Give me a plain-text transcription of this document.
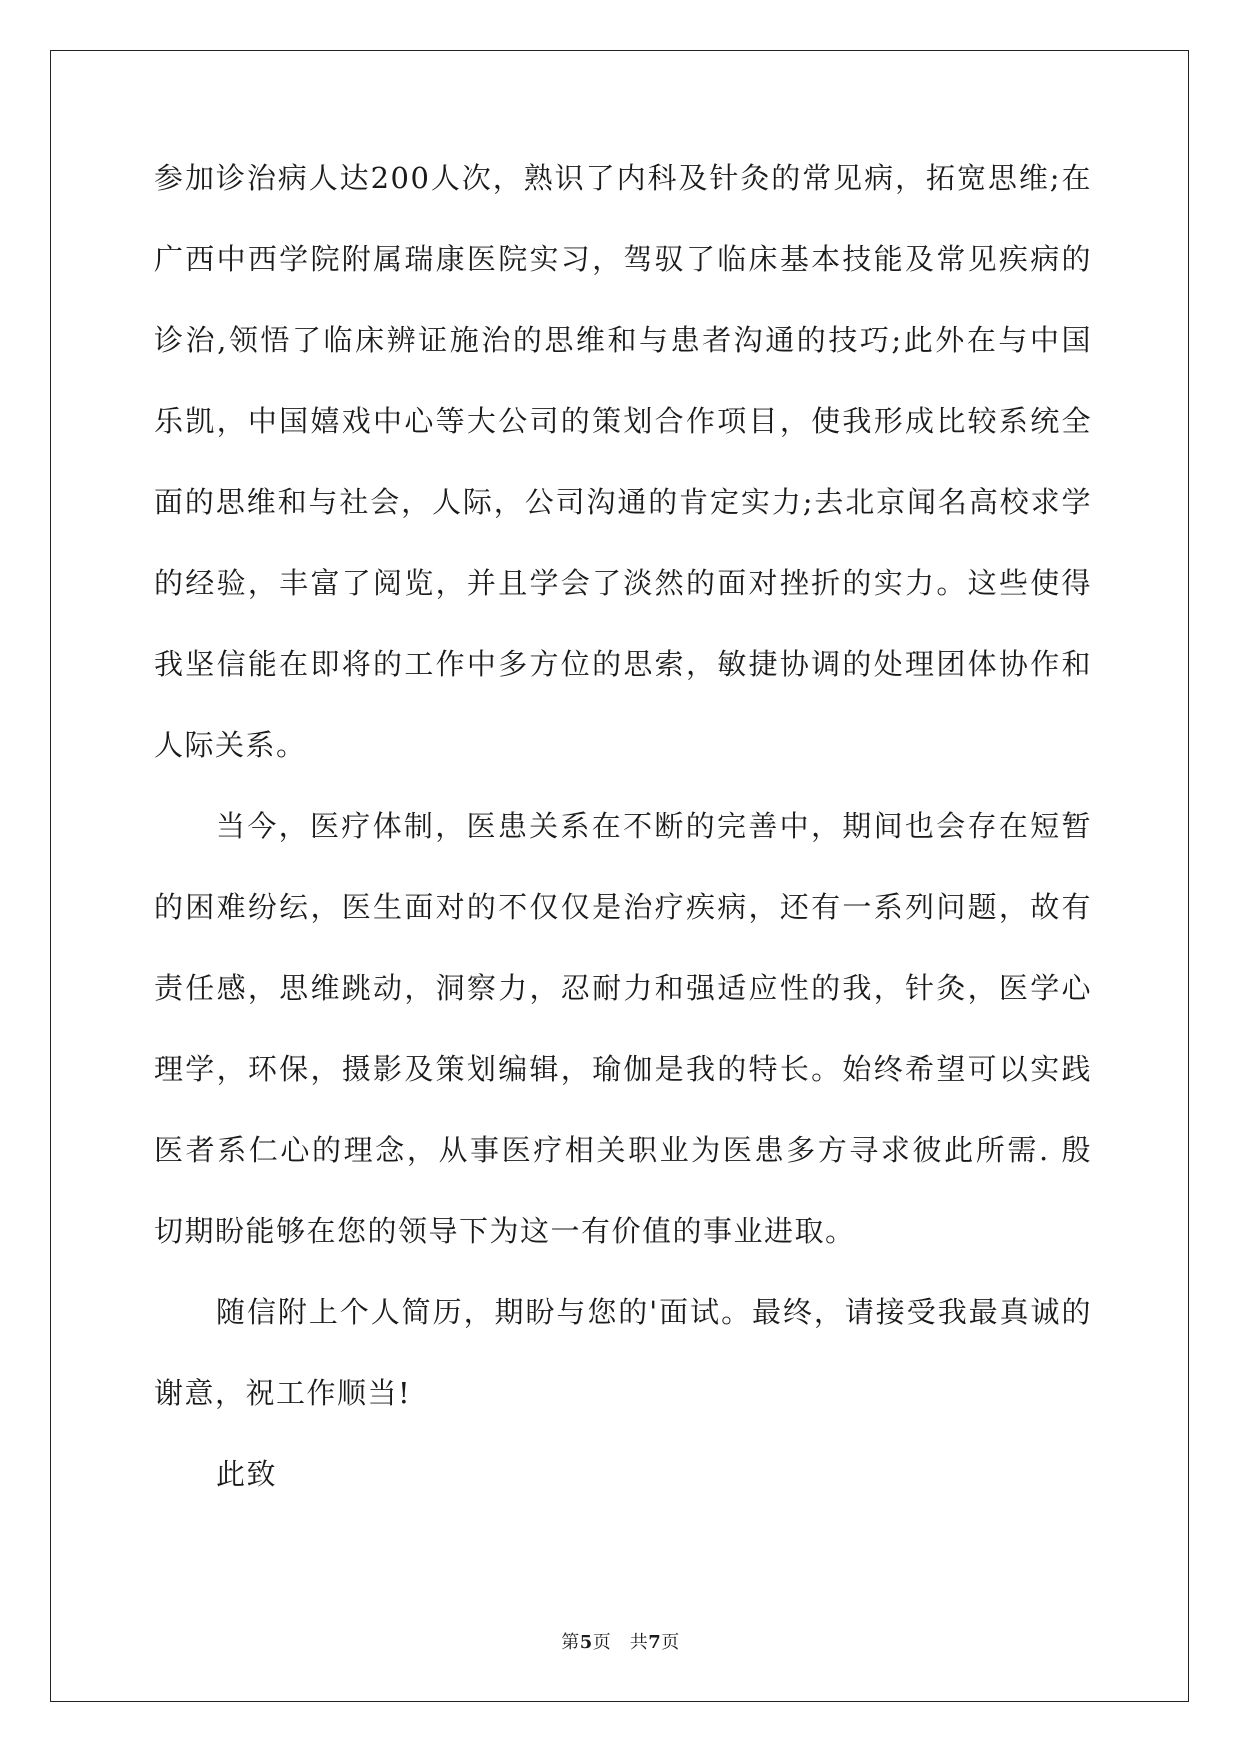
参加诊治病人达200人次，熟识了内科及针灸的常见病，拓宽思维;在
广西中西学院附属瑞康医院实习，驾驭了临床基本技能及常见疾病的
诊治,领悟了临床辨证施治的思维和与患者沟通的技巧;此外在与中国
乐凯，中国嬉戏中心等大公司的策划合作项目，使我形成比较系统全
面的思维和与社会，人际，公司沟通的肯定实力;去北京闻名高校求学
的经验，丰富了阅览，并且学会了淡然的面对挫折的实力。这些使得
我坚信能在即将的工作中多方位的思索，敏捷协调的处理团体协作和
人际关系。
当今，医疗体制，医患关系在不断的完善中，期间也会存在短暂
的困难纷纭，医生面对的不仅仅是治疗疾病，还有一系列问题，故有
责任感，思维跳动，洞察力，忍耐力和强适应性的我，针灸，医学心
理学，环保，摄影及策划编辑，瑜伽是我的特长。始终希望可以实践
医者系仁心的理念，从事医疗相关职业为医患多方寻求彼此所需. 殷
切期盼能够在您的领导下为这一有价值的事业进取。
随信附上个人简历，期盼与您的'面试。最终，请接受我最真诚的
谢意，祝工作顺当!
此致
第5页　共7页
